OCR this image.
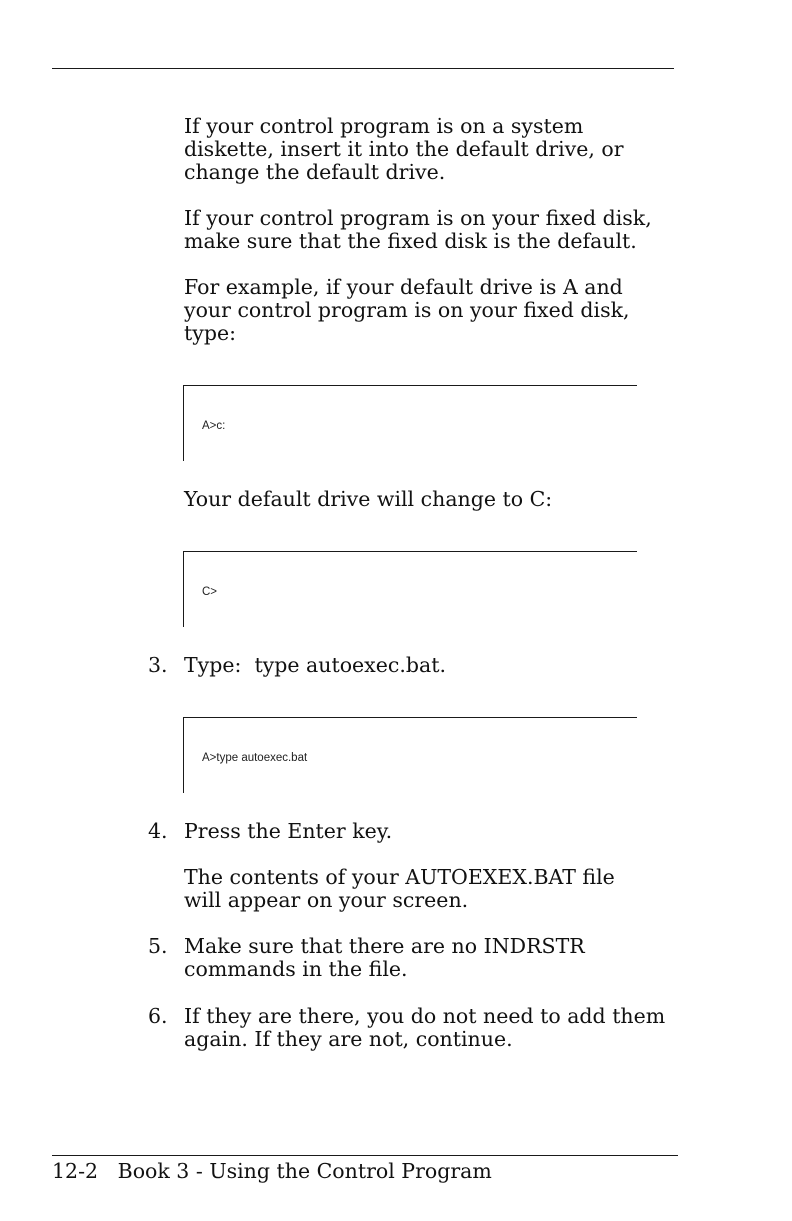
If your control program is on a system
diskette, insert it into the default drive, or
change the default drive.

If your control program is on your fixed disk,
make sure that the fixed disk is the default.

For example, if your default drive is A and
your control program is on your fixed disk,
type:

A>c:

Your default drive will change to C:

C>
3. Type:  type autoexec.bat.

A>type autoexec.bat
4. Press the Enter key.

The contents of your AUTOEXEX.BAT file
will appear on your screen.

5. Make sure that there are no INDRSTR
commands in the file.

6. If they are there, you do not need to add them
again. If they are not, continue.

12-2 Book 3 - Using the Control Program
